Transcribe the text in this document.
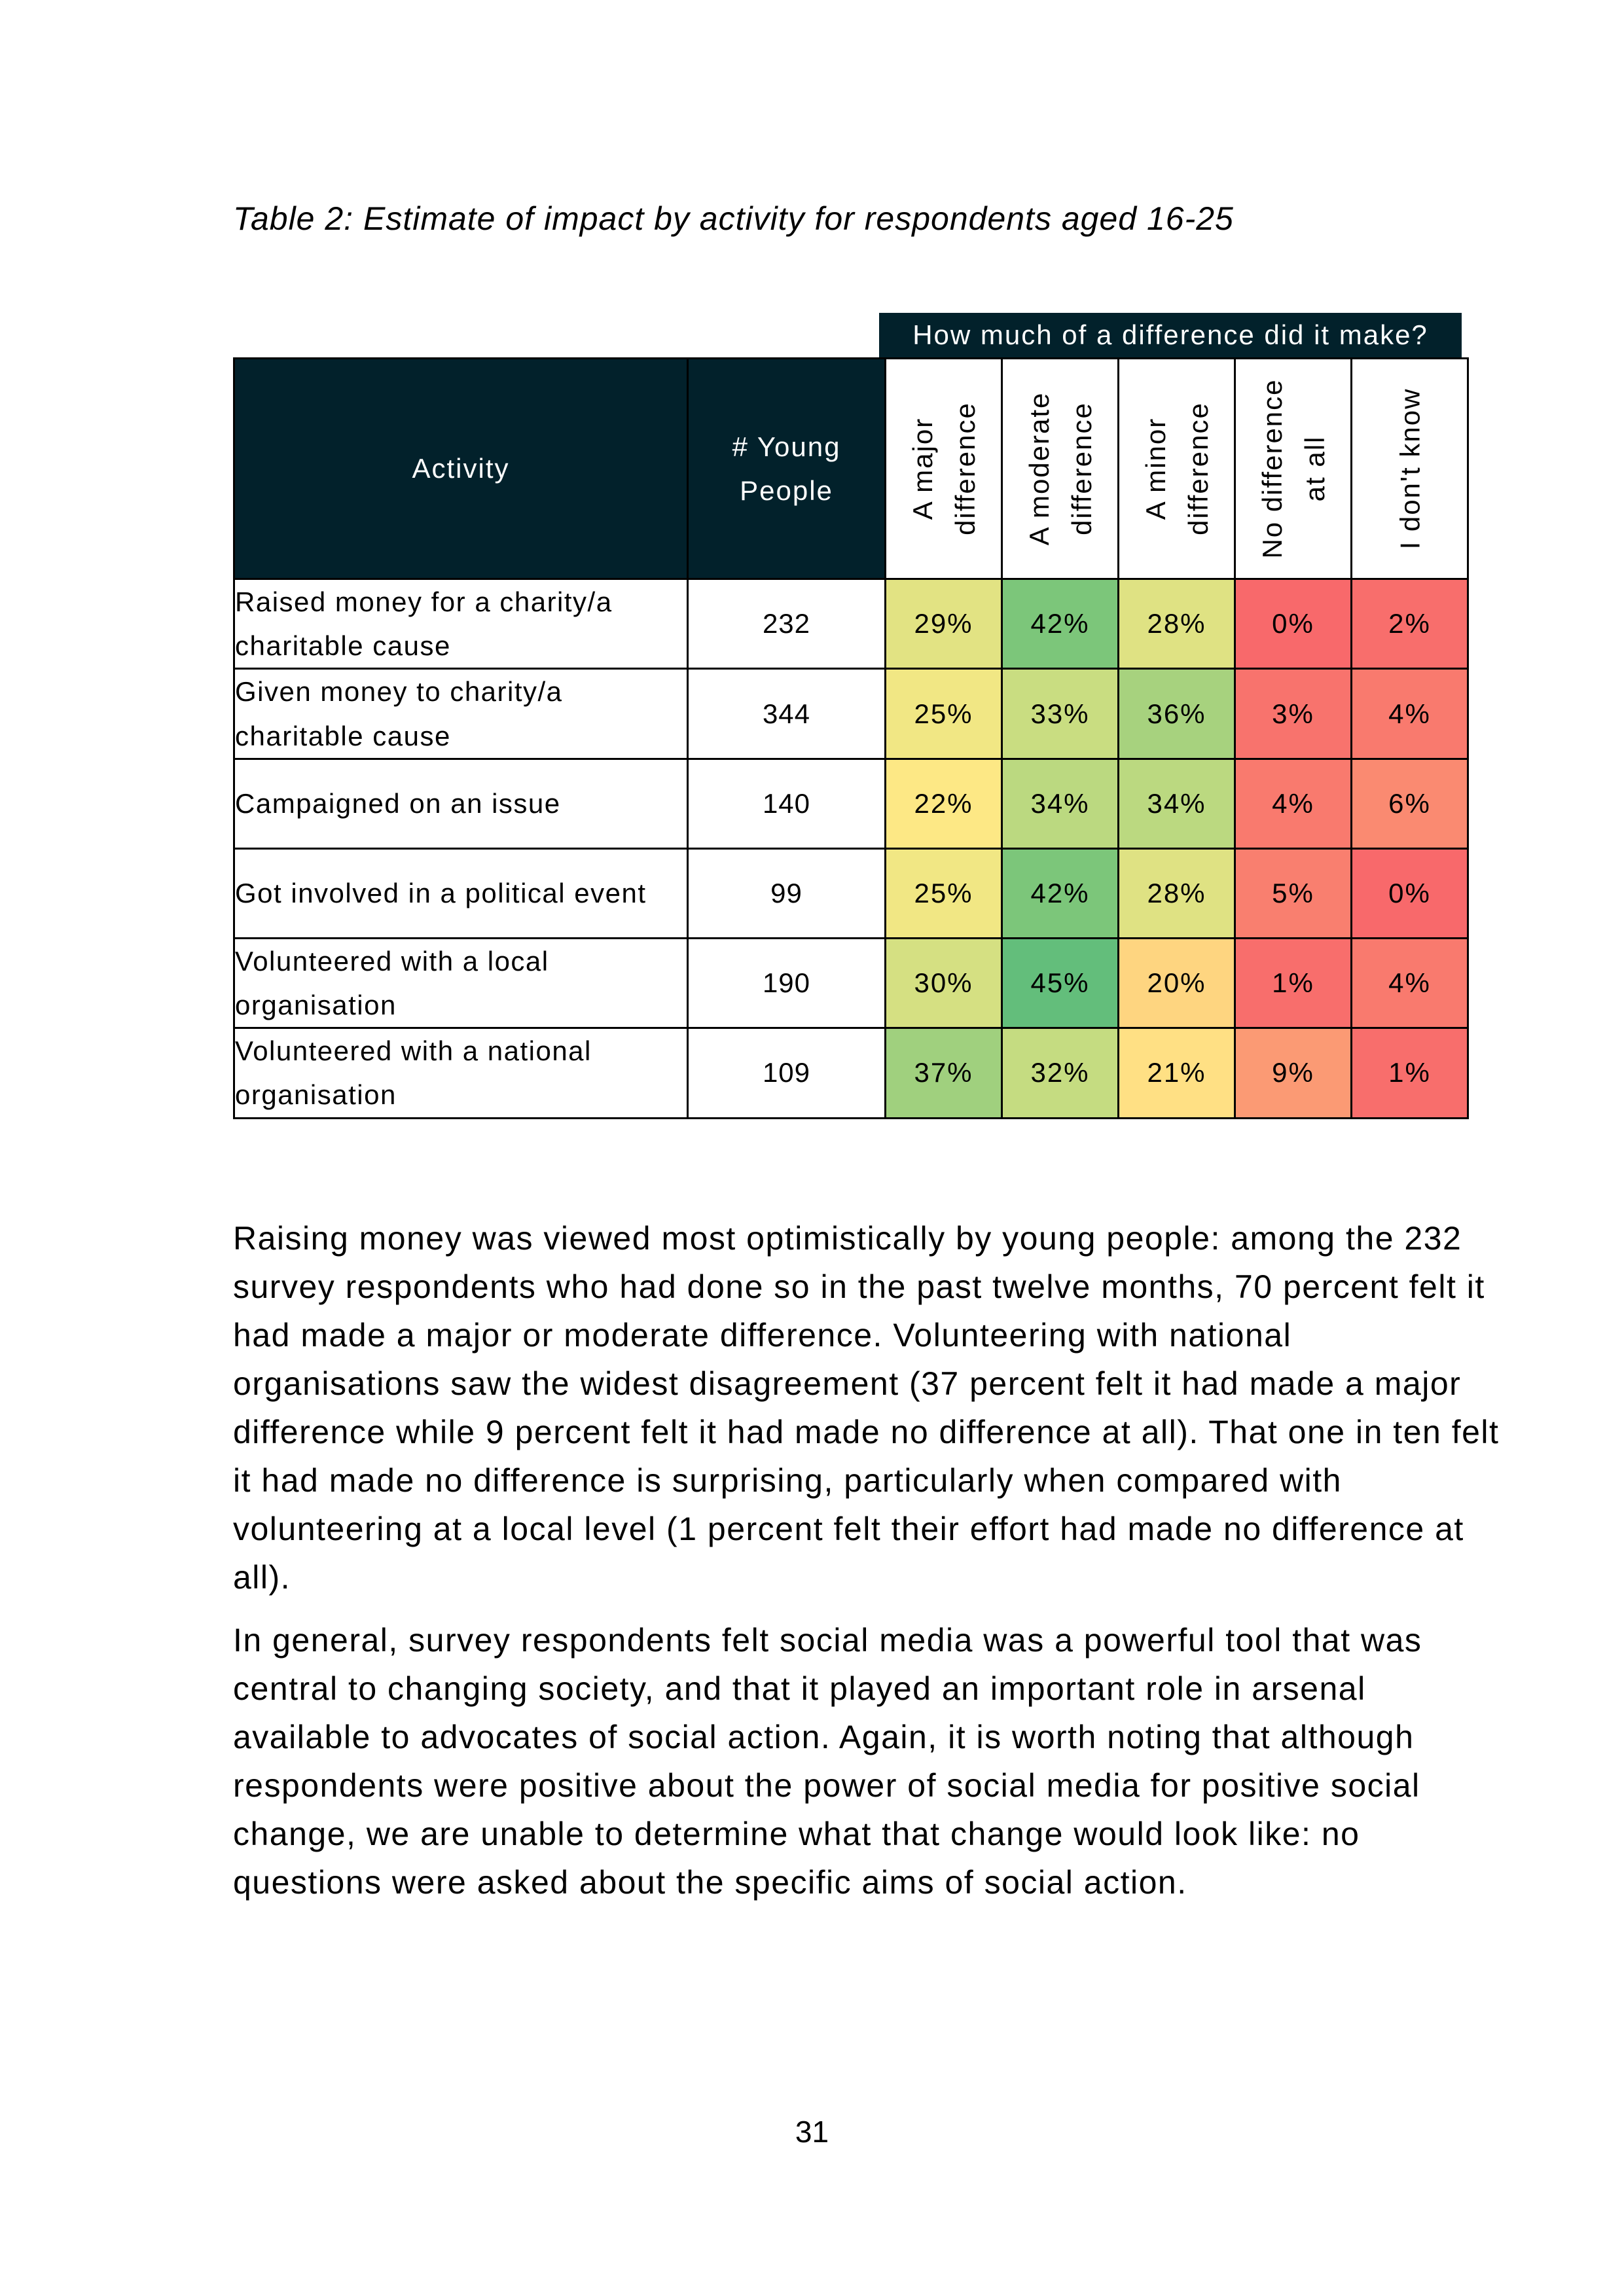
Table 2: Estimate of impact by activity for respondents aged 16-25
How much of a difference did it make?
Activity	# Young People	A major difference	A moderate difference	A minor difference	No difference at all	I don't know

Raised money for a charity/a charitable cause	232	29%	42%	28%	0%	2%
Given money to charity/a charitable cause	344	25%	33%	36%	3%	4%
Campaigned on an issue	140	22%	34%	34%	4%	6%
Got involved in a political event	99	25%	42%	28%	5%	0%
Volunteered with a local organisation	190	30%	45%	20%	1%	4%
Volunteered with a national organisation	109	37%	32%	21%	9%	1%

Raising money was viewed most optimistically by young people: among the 232 survey respondents who had done so in the past twelve months, 70 percent felt it had made a major or moderate difference. Volunteering with national organisations saw the widest disagreement (37 percent felt it had made a major difference while 9 percent felt it had made no difference at all). That one in ten felt it had made no difference is surprising, particularly when compared with volunteering at a local level (1 percent felt their effort had made no difference at all).

In general, survey respondents felt social media was a powerful tool that was central to changing society, and that it played an important role in arsenal available to advocates of social action. Again, it is worth noting that although respondents were positive about the power of social media for positive social change, we are unable to determine what that change would look like: no questions were asked about the specific aims of social action.

31
